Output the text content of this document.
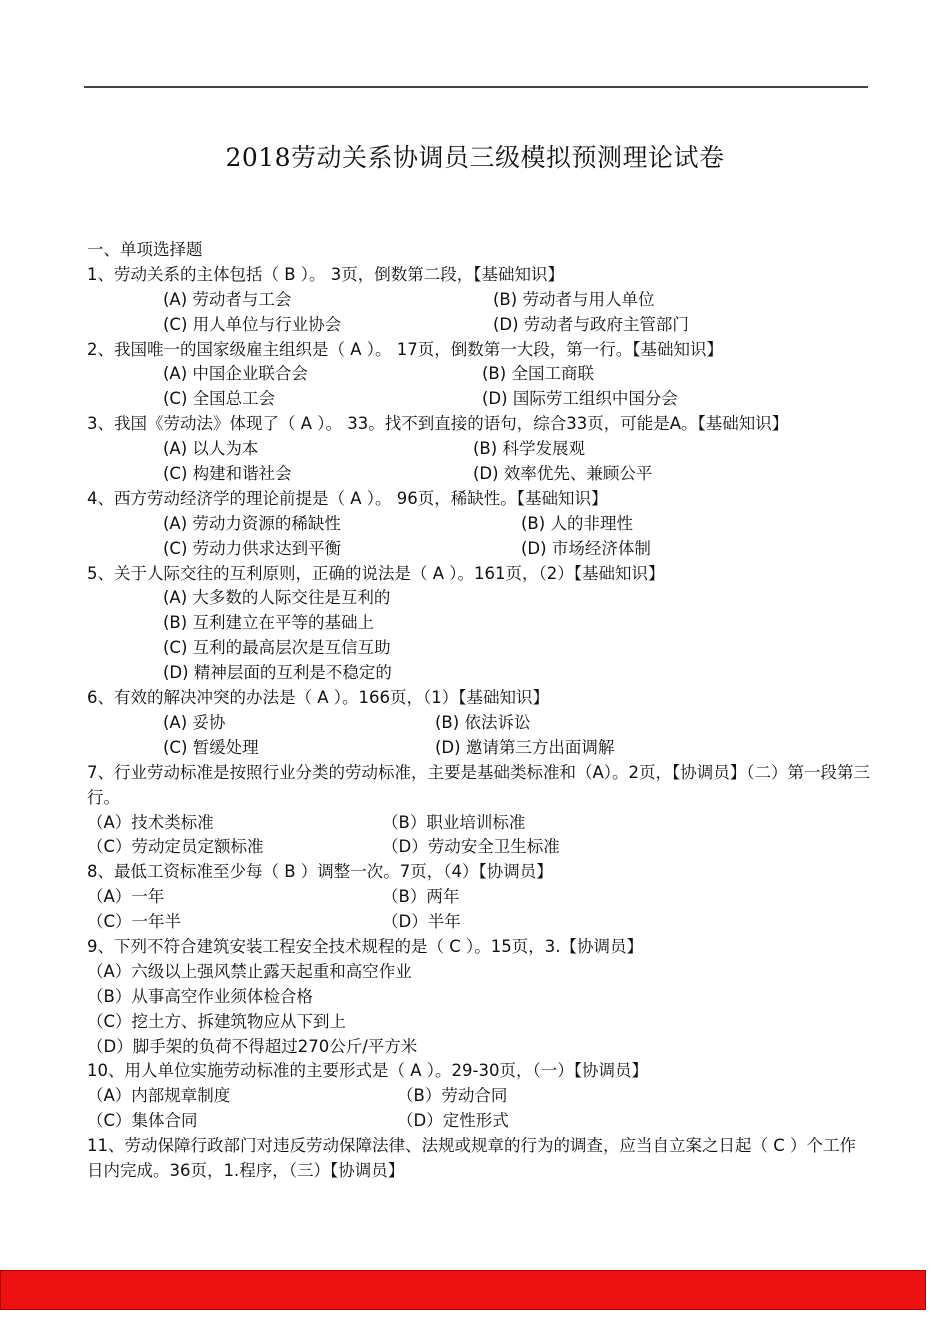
2018劳动关系协调员三级模拟预测理论试卷
一、单项选择题
1、劳动关系的主体包括（ B ）。 3页，倒数第二段，【基础知识】
(A) 劳动者与工会	(B) 劳动者与用人单位
(C) 用人单位与行业协会	(D) 劳动者与政府主管部门
2、我国唯一的国家级雇主组织是（ A ）。 17页，倒数第一大段，第一行。【基础知识】
(A) 中国企业联合会	(B) 全国工商联
(C) 全国总工会	(D) 国际劳工组织中国分会
3、我国《劳动法》体现了（ A ）。 33。找不到直接的语句，综合33页，可能是A。【基础知识】
(A) 以人为本	(B) 科学发展观
(C) 构建和谐社会	(D) 效率优先、兼顾公平
4、西方劳动经济学的理论前提是（ A ）。 96页，稀缺性。【基础知识】
(A) 劳动力资源的稀缺性	(B) 人的非理性
(C) 劳动力供求达到平衡	(D) 市场经济体制
5、关于人际交往的互利原则，正确的说法是（ A ）。161页，（2）【基础知识】
(A) 大多数的人际交往是互利的
(B) 互利建立在平等的基础上
(C) 互利的最高层次是互信互助
(D) 精神层面的互利是不稳定的
6、有效的解决冲突的办法是（ A ）。166页，（1）【基础知识】
(A) 妥协	(B) 依法诉讼
(C) 暂缓处理	(D) 邀请第三方出面调解
7、行业劳动标准是按照行业分类的劳动标准，主要是基础类标准和（A）。2页，【协调员】（二）第一段第三行。
（A）技术类标准	（B）职业培训标准
（C）劳动定员定额标准	（D）劳动安全卫生标准
8、最低工资标准至少每（ B ）调整一次。7页，（4）【协调员】
（A）一年	（B）两年
（C）一年半	（D）半年
9、下列不符合建筑安装工程安全技术规程的是（ C ）。15页，3.【协调员】
（A）六级以上强风禁止露天起重和高空作业
（B）从事高空作业须体检合格
（C）挖土方、拆建筑物应从下到上
（D）脚手架的负荷不得超过270公斤/平方米
10、用人单位实施劳动标准的主要形式是（ A ）。29-30页，（一）【协调员】
（A）内部规章制度	（B）劳动合同
（C）集体合同	（D）定性形式
11、劳动保障行政部门对违反劳动保障法律、法规或规章的行为的调查，应当自立案之日起（ C ）个工作日内完成。36页，1.程序，（三）【协调员】
